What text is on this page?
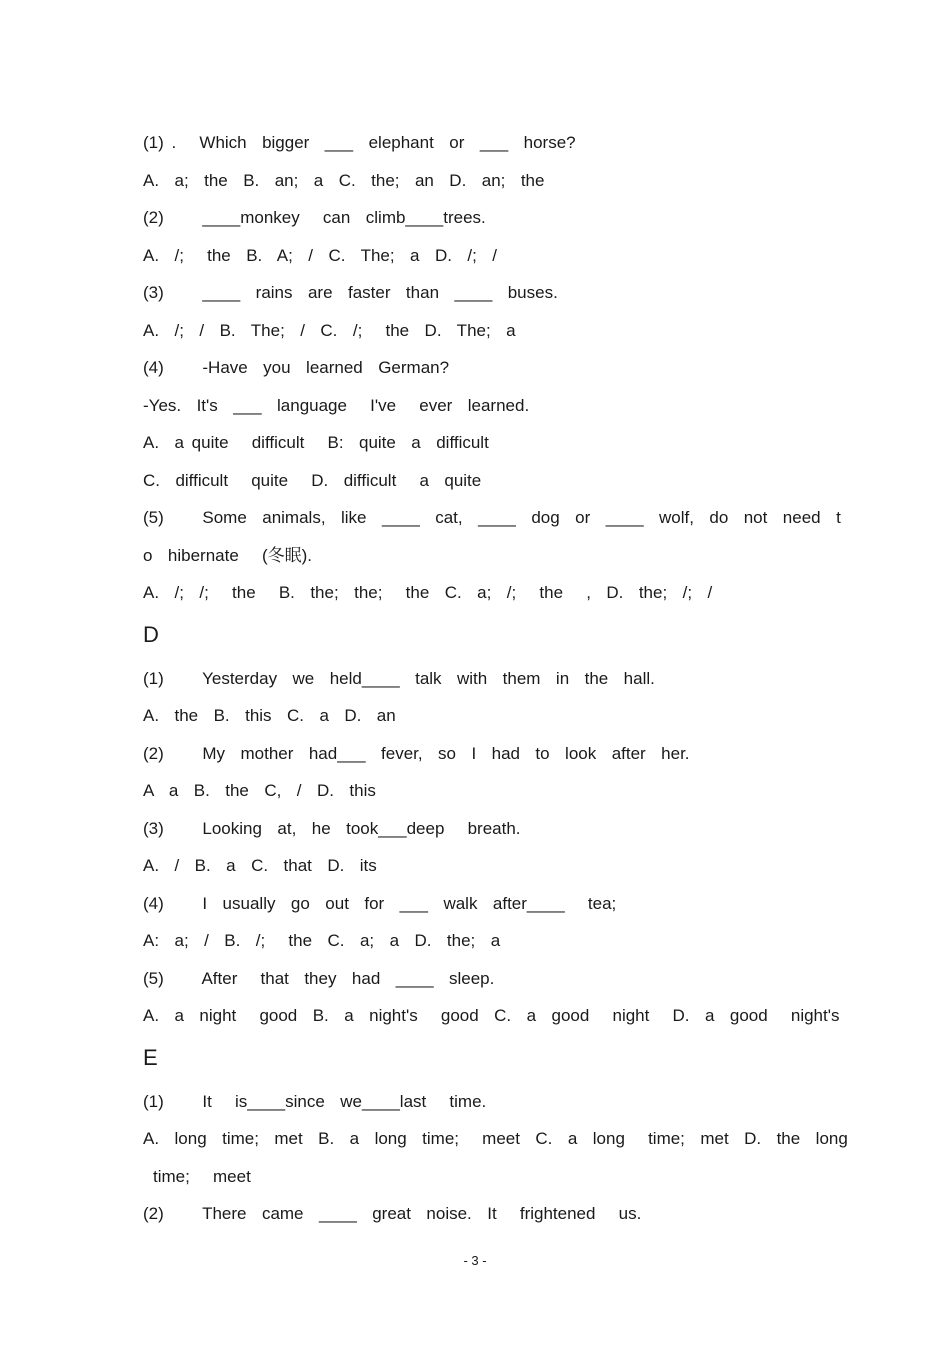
(1) .   Which  bigger  ___  elephant  or  ___  horse?
A.  a;  the  B.  an;  a  C.  the;  an  D.  an;  the
(2)     ____monkey   can  climb____trees.
A.  /;   the  B.  A;  /  C.  The;  a  D.  /;  /
(3)     ____  rains  are  faster  than  ____  buses.
A.  /;  /  B.  The;  /  C.  /;   the  D.  The;  a
(4)     -Have  you  learned  German?
-Yes.  It's  ___  language   I've   ever  learned.
A.  a quite   difficult   B:  quite  a  difficult
C.  difficult   quite   D.  difficult   a  quite
(5)     Some  animals,  like  ____  cat,  ____  dog  or  ____  wolf,  do  not  need  t
o  hibernate   (冬眠).
A.  /;  /;   the   B.  the;  the;   the  C.  a;  /;   the   ,  D.  the;  /;  /
D
(1)     Yesterday  we  held____  talk  with  them  in  the  hall.
A.  the  B.  this  C.  a  D.  an
(2)     My  mother  had___  fever,  so  I  had  to  look  after  her.
A  a  B.  the  C,  /  D.  this
(3)     Looking  at,  he  took___deep   breath.
A.  /  B.  a  C.  that  D.  its
(4)     I  usually  go  out  for  ___  walk  after____   tea;
A:  a;  /  B.  /;   the  C.  a;  a  D.  the;  a
(5)     After   that  they  had  ____  sleep.
A.  a  night   good  B.  a  night's   good  C.  a  good   night   D.  a  good   night's
E
(1)     It   is____since  we____last   time.
A.  long  time;  met  B.  a  long  time;   meet  C.  a  long   time;  met  D.  the  long
time;   meet
(2)     There  came  ____  great  noise.  It   frightened   us.
- 3 -
